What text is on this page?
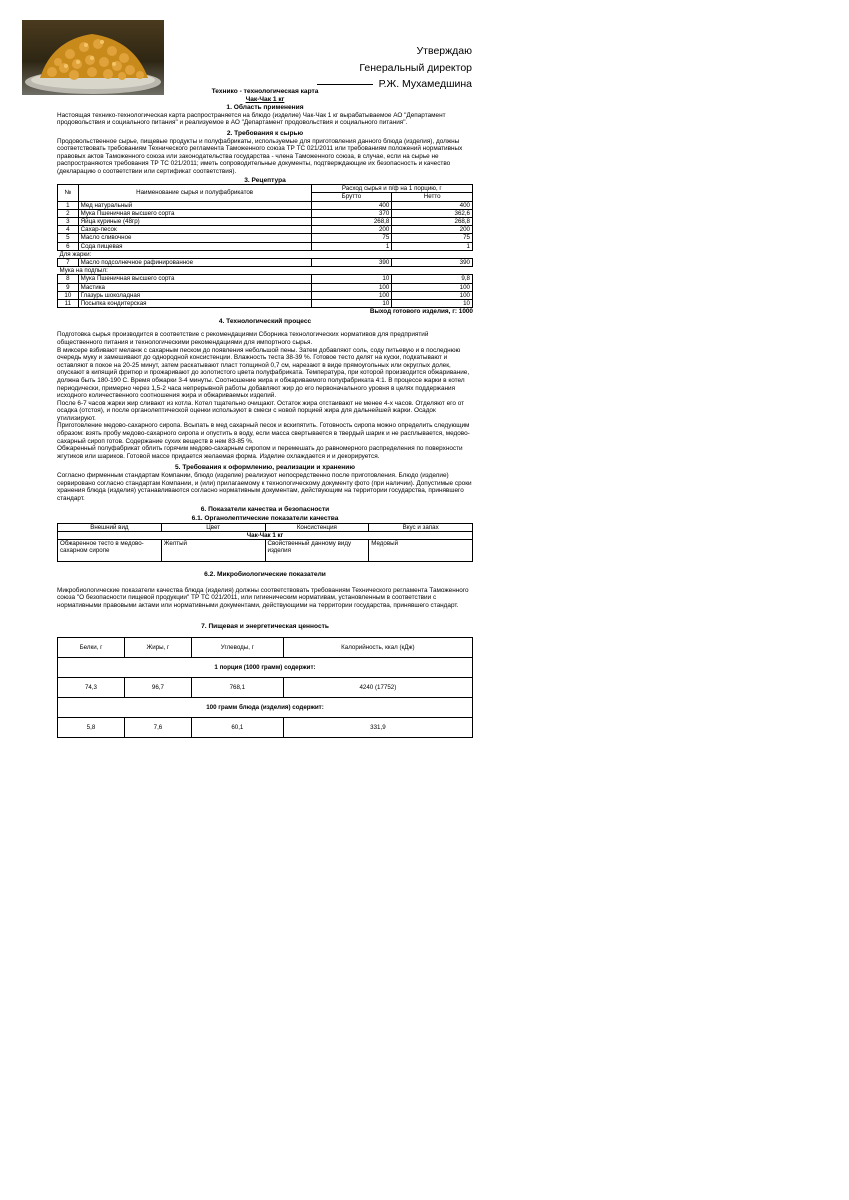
Утверждаю
Генеральный директор
Р.Ж. Мухамедшина
Технико - технологическая карта
Чак-Чак 1 кг
1. Область применения

Настоящая технико-технологическая карта распространяется на блюдо (изделие) Чак-Чак 1 кг вырабатываемое АО "Департамент продовольствия и социального питания" и реализуемое в АО "Департамент продовольствия и социального питания".

2. Требования к сырью

Продовольственное сырье, пищевые продукты и полуфабрикаты, используемые для приготовления данного блюда (изделия), должны соответствовать требованиям Технического регламента Таможенного союза ТР ТС 021/2011 или требованиям положений нормативных правовых актов Таможенного союза или законодательства государства - члена Таможенного союза, в случае, если на сырье не распространяются требования ТР ТС 021/2011; иметь сопроводительные документы, подтверждающие их безопасность и качество (декларацию о соответствии или сертификат соответствия).

3. Рецептура
№	Наименование сырья и полуфабрикатов	Расход сырья и п/ф на 1 порцию, г	
		Брутто	Нетто
1	Мед натуральный	400	400
2	Мука Пшеничная высшего сорта	370	362,6
3	Яйца куриные (48гр)	268,8	268,8
4	Сахар-песок	200	200
5	Масло сливочное	75	75
6	Сода пищевая	1	1
Для жарки:			
7	Масло подсолнечное рафинированное	390	390
Мука на подпыл:			
8	Мука Пшеничная высшего сорта	10	9,8
9	Мастика	100	100
10	Глазурь шоколадная	100	100
11	Посыпка кондитерская	10	10
Выход готового изделия, г: 1000
4. Технологический процесс

Подготовка сырья производится в соответствие с рекомендациями Сборника технологических нормативов для предприятий общественного питания и технологическими рекомендациями для импортного сырья.

В миксере взбивают меланж с сахарным песком до появления небольшой пены. Затем добавляют соль, соду питьевую и в последнюю очередь муку и замешивают до однородной консистенции. Влажность теста 38-39 %. Готовое тесто делят на куски, подкатывают и оставляют в покое на 20-25 минут, затем раскатывают пласт толщиной 0,7 см, нарезают в виде прямоугольных или округлых долек, опускают в кипящий фритюр и прожаривают до золотистого цвета полуфабриката. Температура, при которой производится обжаривание, должна быть 180-190 С. Время обжарки 3-4 минуты. Соотношение жира и обжариваемого полуфабриката 4:1. В процессе жарки в котел периодически, примерно через 1,5-2 часа непрерывной работы добавляют жир до его первоначального уровня в целях поддержания исходного количественного соотношения жира и обжариваемых изделий.

После 6-7 часов жарки жир сливают из котла. Котел тщательно очищают. Остаток жира отстаивают не менее 4-х часов. Отделяют его от осадка (отстоя), и после органолептической оценки используют в смеси с новой порцией жира для дальнейшей жарки. Осадок утилизируют.

Приготовление медово-сахарного сиропа. Всыпать в мед сахарный песок и вскипятить. Готовность сиропа можно определить следующим образом: взять пробу медово-сахарного сиропа и опустить в воду, если масса свертывается в твердый шарик и не расплывается, медово-сахарный сироп готов. Содержание сухих веществ в нем 83-85 %.

Обжаренный полуфабрикат облить горячим медово-сахарным сиропом и перемешать до равномерного распределения по поверхности жгутиков или шариков. Готовой массе придается желаемая форма. Изделие охлаждается и и декорируется.

5. Требования к оформлению, реализации и хранению

Согласно фирменным стандартам Компании, блюдо (изделие) реализуют непосредственно после приготовления. Блюдо (изделие) сервировано согласно стандартам Компании, и (или) прилагаемому к технологическому документу фото (при наличии). Допустимые сроки хранения блюда (изделия) устанавливаются согласно нормативным документам, действующим на территории государства, принявшего стандарт.

6. Показатели качества и безопасности
6.1. Органолептические показатели качества
Внешний вид	Цвет	Консистенция	Вкус и запах
Чак-Чак 1 кг			
Обжаренное тесто в медово-сахарном сиропе	Желтый	Свойственный данному виду изделия	Медовый
6.2. Микробиологические показатели

Микробиологические показатели качества блюда (изделия) должны соответствовать требованиям Технического регламента Таможенного союза "О безопасности пищевой продукции" ТР ТС 021/2011, или гигиеническим нормативам, установленным в соответствии с нормативными правовыми актами или нормативными документами, действующими на территории государства, принявшего стандарт.

7. Пищевая и энергетическая ценность
Белки, г	Жиры, г	Углеводы, г	Калорийность, ккал (кДж)
1 порция (1000 грамм) содержит:			
74,3	96,7	768,1	4240 (17752)
100 грамм блюда (изделия) содержит:			
5,8	7,6	60,1	331,9
